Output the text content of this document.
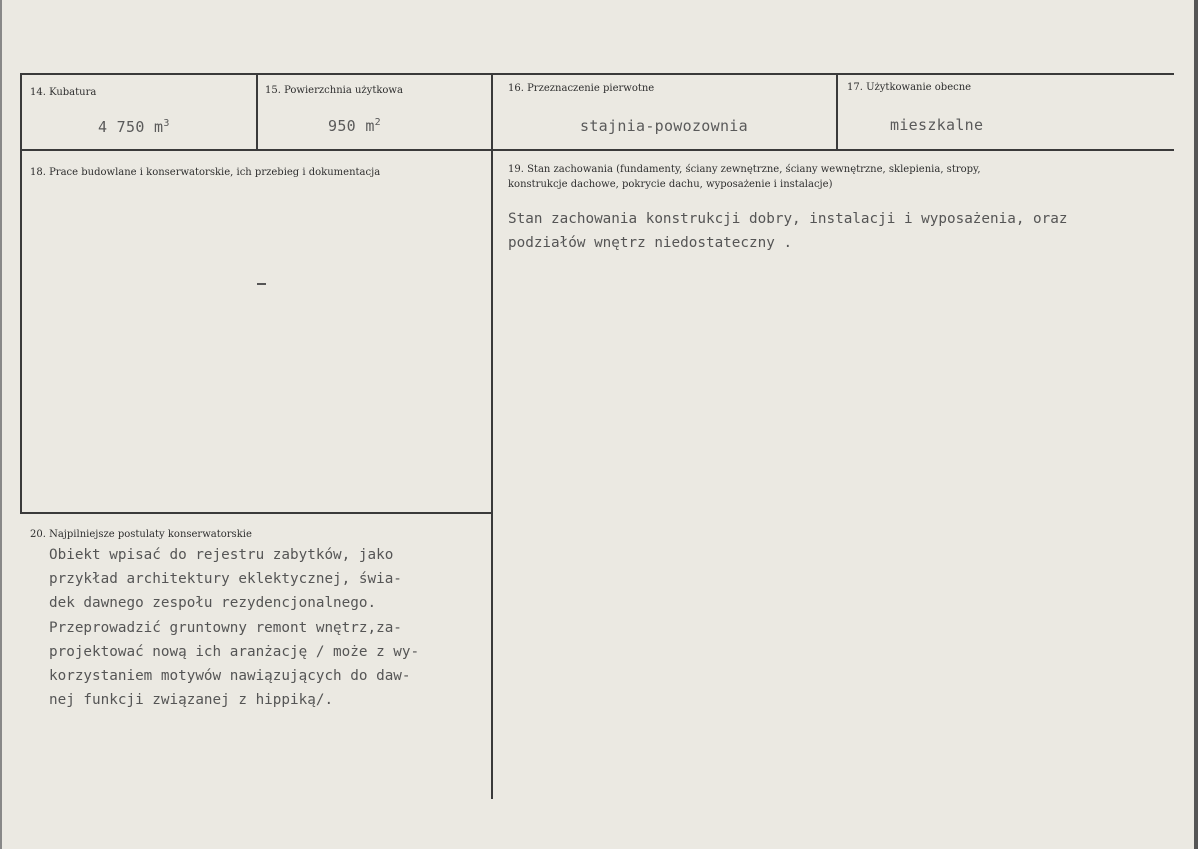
14. Kubatura
4 750 $m^3$
15. Powierzchnia użytkowa
950 $m^2$
16. Przeznaczenie pierwotne
stajnia-powozownia
17. Użytkowanie obecne
mieszkalne
18. Prace budowlane i konserwatorskie, ich przebieg i dokumentacja	19. Stan zachowania (fundamenty, ściany zewnętrzne, ściany wewnętrzne, sklepienia, stropy,
konstrukcje dachowe, pokrycie dachu, wyposażenie i instalacje)
Stan zachowania konstrukcji dobry, instalacji i wyposażenia, oraz
podziałów wnętrz niedostateczny .
20. Najpilniejsze postulaty konserwatorskie
Obiekt wpisać do rejestru zabytków, jako
przykład architektury eklektycznej, świa-
dek dawnego zespołu rezydencjonalnego.
Przeprowadzić gruntowny remont wnętrz,za-
projektować nową ich aranżację / może z wy-
korzystaniem motywów nawiązujących do daw-
nej funkcji związanej z hippiką/.
